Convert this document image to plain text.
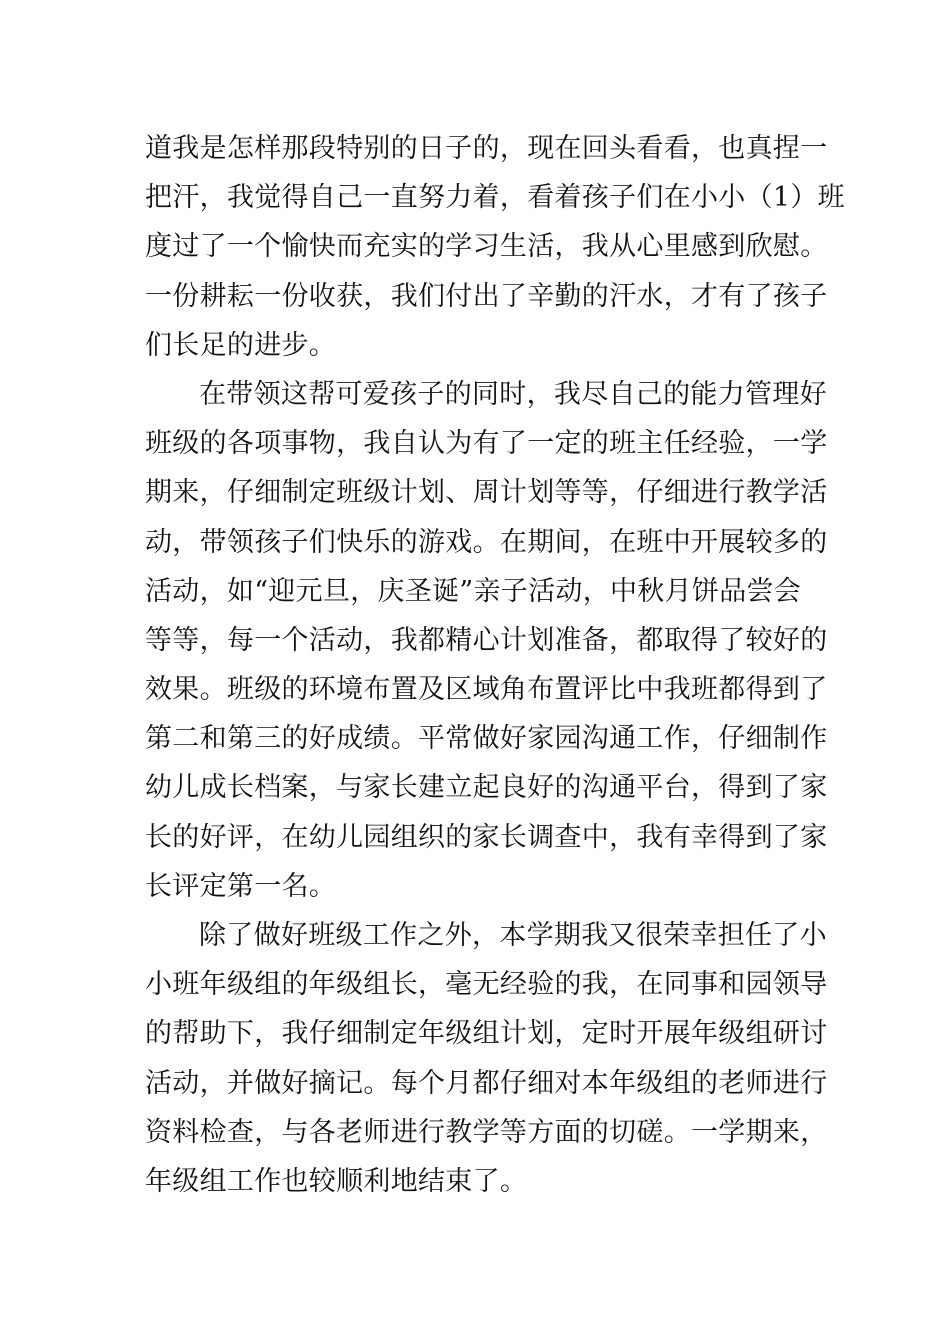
道我是怎样那段特别的日子的，现在回头看看，也真捏一
把汗，我觉得自己一直努力着，看着孩子们在小小（1）班
度过了一个愉快而充实的学习生活，我从心里感到欣慰。
一份耕耘一份收获，我们付出了辛勤的汗水，才有了孩子
们长足的进步。
在带领这帮可爱孩子的同时，我尽自己的能力管理好
班级的各项事物，我自认为有了一定的班主任经验，一学
期来，仔细制定班级计划、周计划等等，仔细进行教学活
动，带领孩子们快乐的游戏。在期间，在班中开展较多的
活动，如“迎元旦，庆圣诞”亲子活动，中秋月饼品尝会
等等，每一个活动，我都精心计划准备，都取得了较好的
效果。班级的环境布置及区域角布置评比中我班都得到了
第二和第三的好成绩。平常做好家园沟通工作，仔细制作
幼儿成长档案，与家长建立起良好的沟通平台，得到了家
长的好评，在幼儿园组织的家长调查中，我有幸得到了家
长评定第一名。
除了做好班级工作之外，本学期我又很荣幸担任了小
小班年级组的年级组长，毫无经验的我，在同事和园领导
的帮助下，我仔细制定年级组计划，定时开展年级组研讨
活动，并做好摘记。每个月都仔细对本年级组的老师进行
资料检查，与各老师进行教学等方面的切磋。一学期来，
年级组工作也较顺利地结束了。
